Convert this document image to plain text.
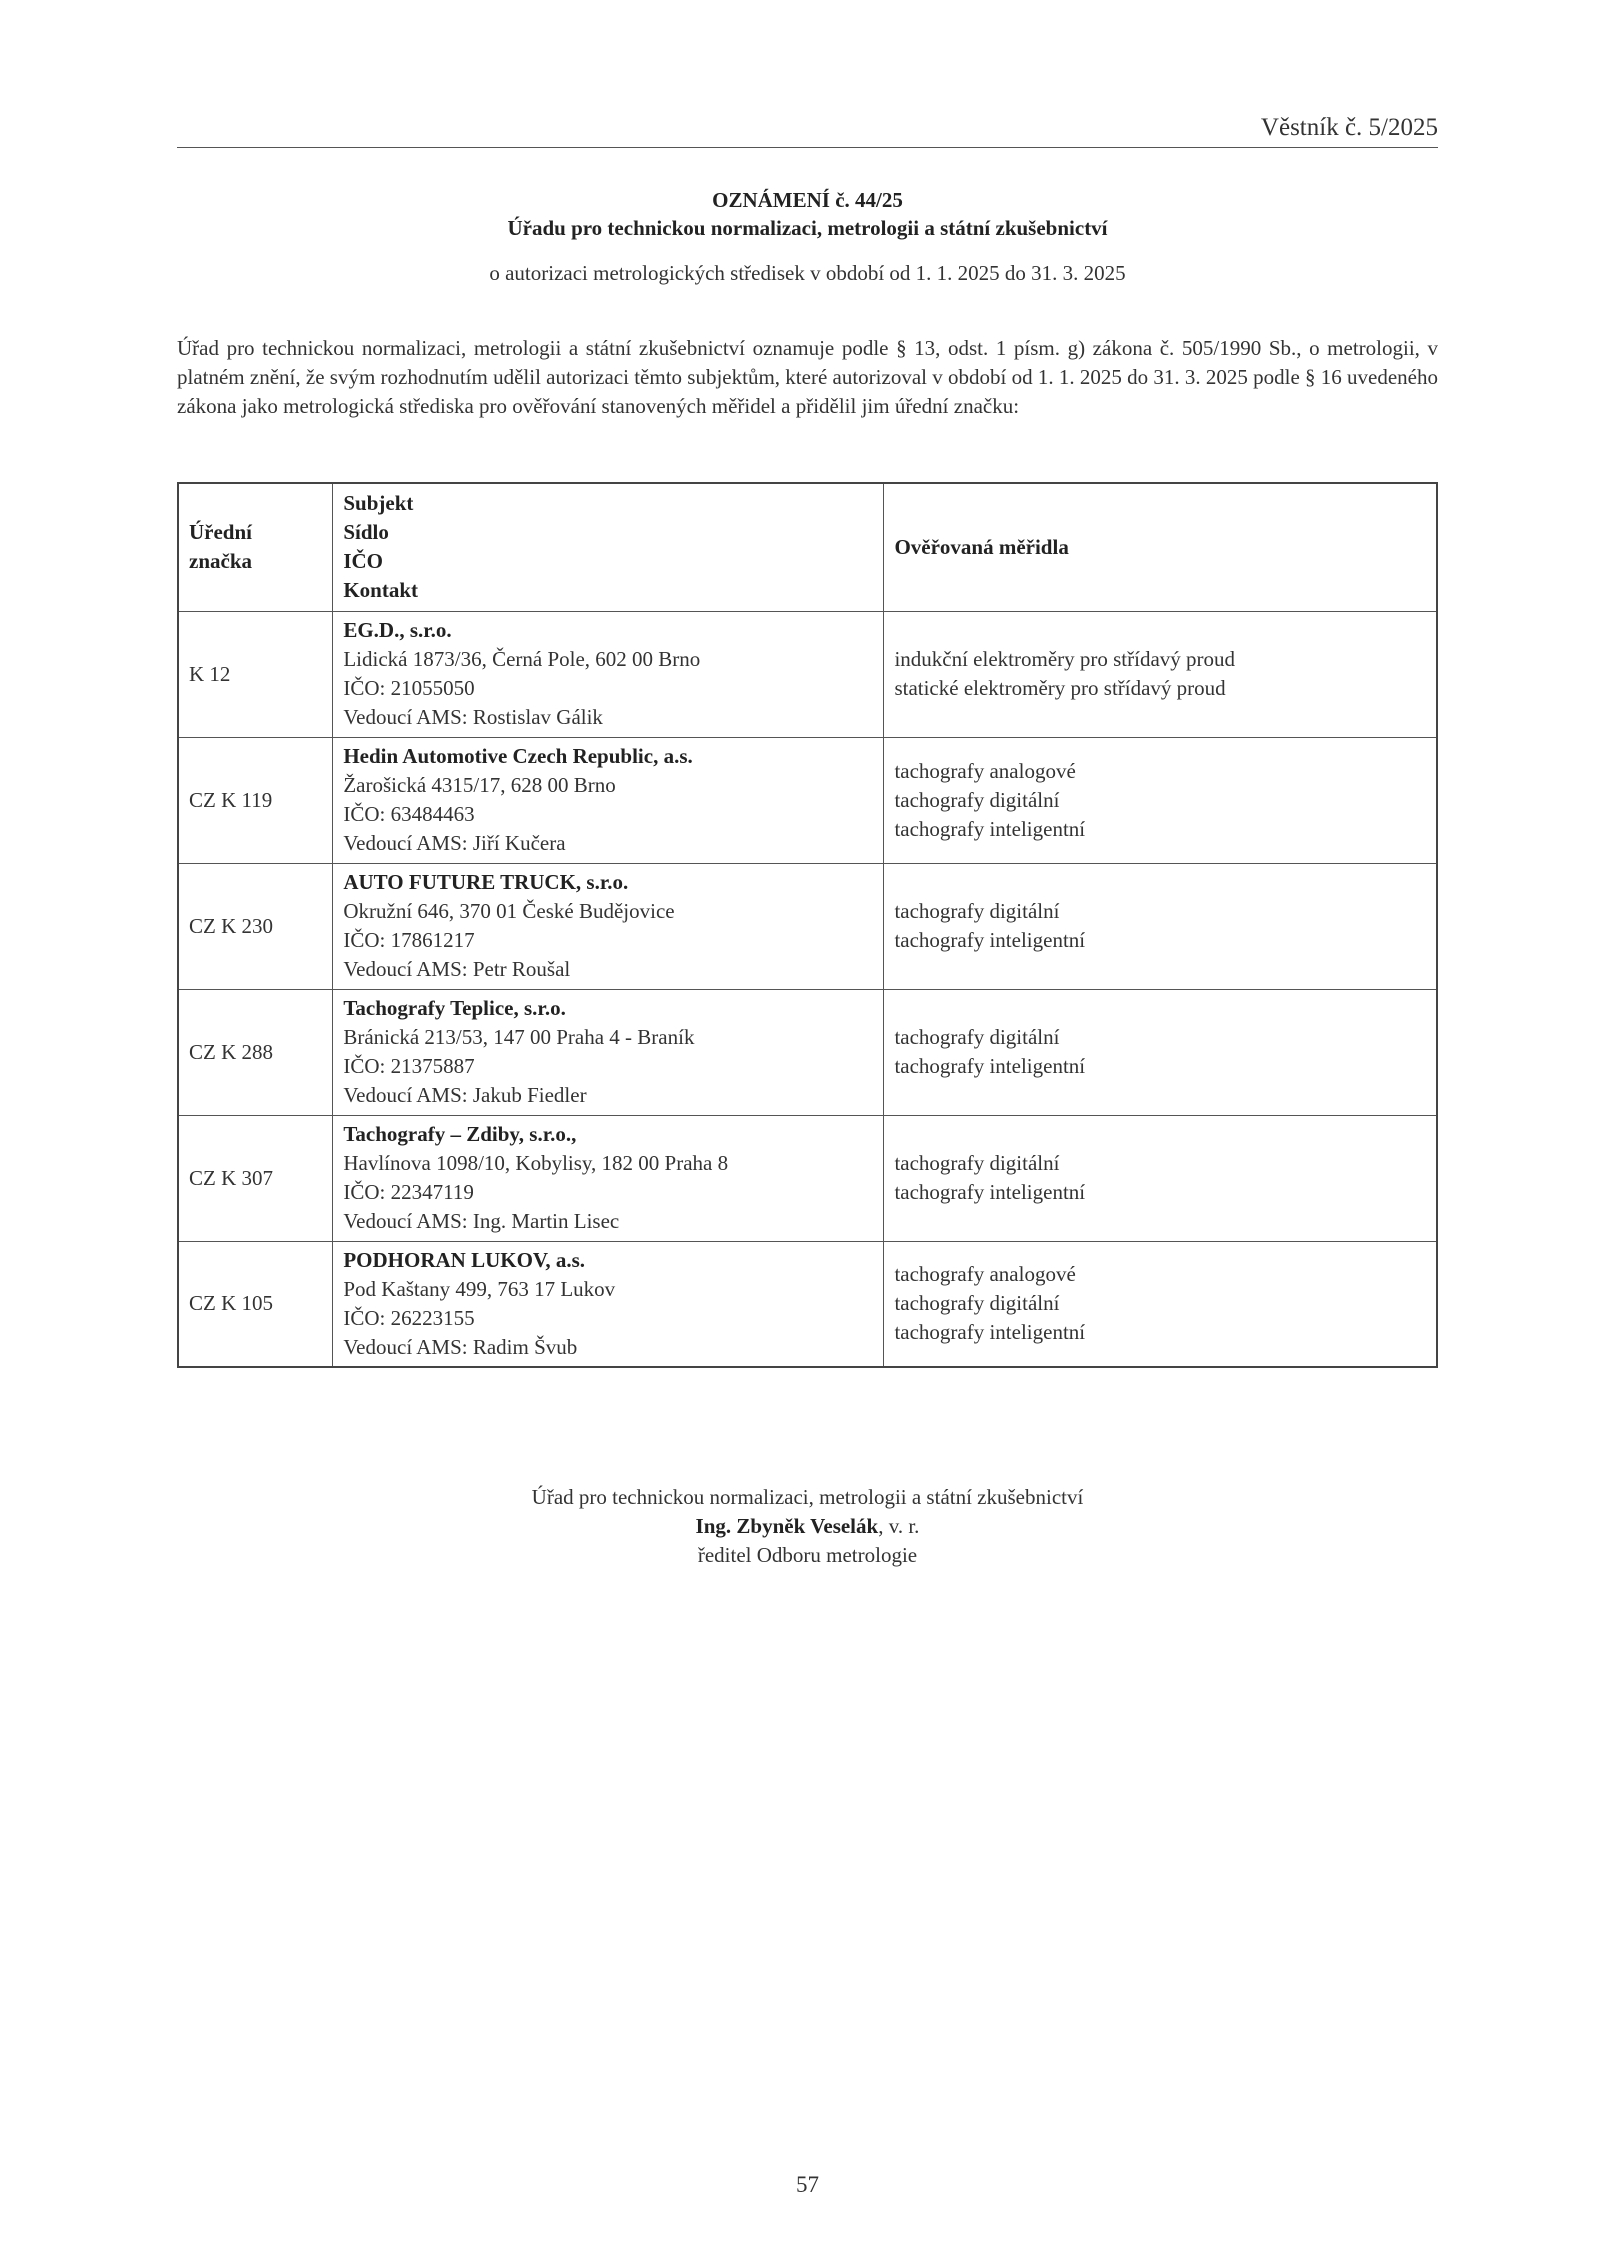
Věstník č. 5/2025
OZNÁMENÍ č. 44/25
Úřadu pro technickou normalizaci, metrologii a státní zkušebnictví
o autorizaci metrologických středisek v období od 1. 1. 2025 do 31. 3. 2025

Úřad pro technickou normalizaci, metrologii a státní zkušebnictví oznamuje podle § 13, odst. 1 písm. g) zákona č. 505/1990 Sb., o metrologii, v platném znění, že svým rozhodnutím udělil autorizaci těmto subjektům, které autorizoval v období od 1. 1. 2025 do 31. 3. 2025 podle § 16 uvedeného zákona jako metrologická střediska pro ověřování stanovených měřidel a přidělil jim úřední značku:

Úřední
značka	Subjekt
Sídlo
IČO
Kontakt	Ověřovaná měřidla
K 12	EG.D., s.r.o.
Lidická 1873/36, Černá Pole, 602 00 Brno
IČO: 21055050
Vedoucí AMS: Rostislav Gálik	indukční elektroměry pro střídavý proud
statické elektroměry pro střídavý proud

CZ K 119	Hedin Automotive Czech Republic, a.s.
Žarošická 4315/17, 628 00 Brno
IČO: 63484463
Vedoucí AMS: Jiří Kučera	tachografy analogové
tachografy digitální
tachografy inteligentní

CZ K 230	AUTO FUTURE TRUCK, s.r.o.
Okružní 646, 370 01 České Budějovice
IČO: 17861217
Vedoucí AMS: Petr Roušal	tachografy digitální
tachografy inteligentní

CZ K 288	Tachografy Teplice, s.r.o.
Bránická 213/53, 147 00 Praha 4 - Braník
IČO: 21375887
Vedoucí AMS: Jakub Fiedler	tachografy digitální
tachografy inteligentní

CZ K 307	Tachografy – Zdiby, s.r.o.,
Havlínova 1098/10, Kobylisy, 182 00 Praha 8
IČO: 22347119
Vedoucí AMS: Ing. Martin Lisec	tachografy digitální
tachografy inteligentní

CZ K 105	PODHORAN LUKOV, a.s.
Pod Kaštany 499, 763 17 Lukov
IČO: 26223155
Vedoucí AMS: Radim Švub	tachografy analogové
tachografy digitální
tachografy inteligentní
Úřad pro technickou normalizaci, metrologii a státní zkušebnictví
Ing. Zbyněk Veselák, v. r.
ředitel Odboru metrologie
57
